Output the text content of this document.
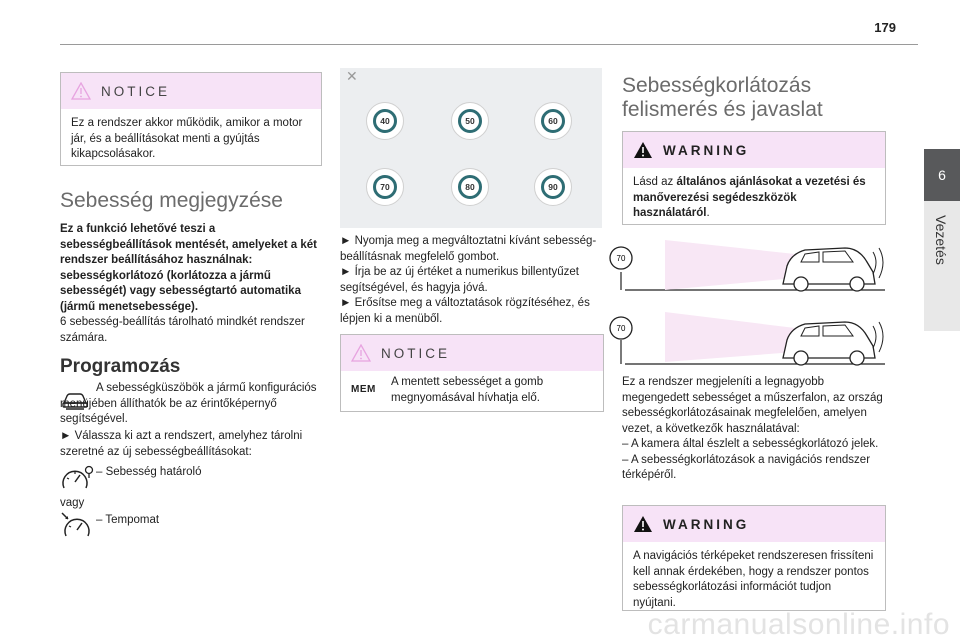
179
6
Vezetés
NOTICE
Ez a rendszer akkor működik, amikor a motor jár, és a beállításokat menti a gyújtás kikapcsolásakor.
Sebesség megjegyzése
Ez a funkció lehetővé teszi a sebességbeállítások mentését, amelyeket a két rendszer beállításához használnak: sebességkorlátozó (korlátozza a jármű sebességét) vagy sebességtartó automatika (jármű menetsebessége).
6 sebesség-beállítás tárolható mindkét rendszer számára.
Programozás
A sebességküszöbök a jármű konfigurációs menüjében állíthatók be az érintőképernyő segítségével.
► Válassza ki azt a rendszert, amelyhez tárolni szeretné az új sebességbeállításokat:
– Sebesség határoló
vagy
– Tempomat
✕
40	50	60
70	80	90
► Nyomja meg a megváltoztatni kívánt sebesség-beállításnak megfelelő gombot.
► Írja be az új értéket a numerikus billentyűzet segítségével, és hagyja jóvá.
► Erősítse meg a változtatások rögzítéséhez, és lépjen ki a menüből.
NOTICE
MEM
A mentett sebességet a gomb megnyomásával hívhatja elő.
Sebességkorlátozás felismerés és javaslat
WARNING
Lásd az általános ajánlásokat a vezetési és manőverezési segédeszközök használatáról.
70
70
Ez a rendszer megjeleníti a legnagyobb megengedett sebességet a műszerfalon, az ország sebességkorlátozásainak megfelelően, amelyen vezet, a következők használatával:
– A kamera által észlelt a sebességkorlátozó jelek.
– A sebességkorlátozások a navigációs rendszer térképéről.
WARNING
A navigációs térképeket rendszeresen frissíteni kell annak érdekében, hogy a rendszer pontos sebességkorlátozási információt tudjon nyújtani.
carmanualsonline.info
